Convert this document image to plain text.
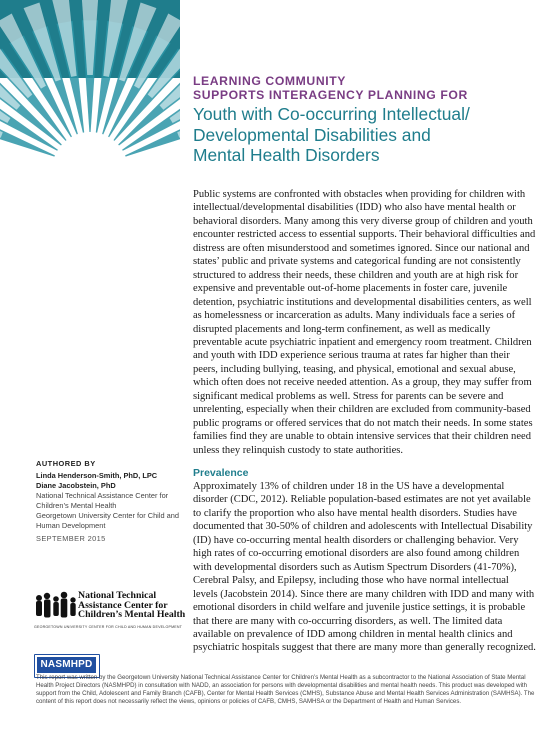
LEARNING COMMUNITY
SUPPORTS INTERAGENCY PLANNING FOR
Youth with Co-occurring Intellectual/
Developmental Disabilities and
Mental Health Disorders
Public systems are confronted with obstacles when providing for children with intellectual/developmental disabilities (IDD) who also have mental health or behavioral disorders. Many among this very diverse group of children and youth encounter restricted access to essential supports. Their behavioral difficulties and distress are often misunderstood and sometimes ignored. Since our national and states’ public and private systems and categorical funding are not consistently structured to address their needs, these children and youth are at high risk for expensive and preventable out-of-home placements in foster care, juvenile detention, psychiatric institutions and developmental disabilities centers, as well as homelessness or incarceration as adults. Many individuals face a series of disrupted placements and long-term confinement, as well as medically preventable acute psychiatric inpatient and emergency room treatment. Children and youth with IDD experience serious trauma at rates far higher than their peers, including bullying, teasing, and physical, emotional and sexual abuse, which often does not receive needed attention. As a group, they may suffer from significant medical problems as well. Stress for parents can be severe and unrelenting, especially when their children are excluded from community-based public programs or offered services that do not match their needs. In some states families find they are unable to obtain intensive services that their children need unless they relinquish custody to state authorities.
Prevalence
Approximately 13% of children under 18 in the US have a developmental disorder (CDC, 2012). Reliable population-based estimates are not yet available to clarify the proportion who also have mental health disorders. Studies have documented that 30-50% of children and adolescents with Intellectual Disability (ID) have co-occurring mental health disorders or challenging behavior. Very high rates of co-occurring emotional disorders are also found among children with developmental disorders such as Autism Spectrum Disorders (41-70%), Cerebral Palsy, and Epilepsy, including those who have normal intellectual levels (Jacobstein 2014). Since there are many children with IDD and many with emotional disorders in child welfare and juvenile justice settings, it is probable that there are many with co-occurring disorders, as well. The limited data available on prevalence of IDD among children in mental health clinics and psychiatric hospitals suggest that there are many more than generally recognized.
AUTHORED BY
Linda Henderson-Smith, PhD, LPC
Diane Jacobstein, PhD
National Technical Assistance Center for Children’s Mental Health
Georgetown University Center for Child and Human Development
SEPTEMBER 2015
National Technical
Assistance Center for
Children’s Mental Health
GEORGETOWN UNIVERSITY CENTER FOR CHILD AND HUMAN DEVELOPMENT
NASMHPD
This report was written by the Georgetown University National Technical Assistance Center for Children’s Mental Health as a subcontractor to the National Association of State Mental Health Project Directors (NASMHPD) in consultation with NADD, an association for persons with developmental disabilities and mental health needs. This product was developed with support from the Child, Adolescent and Family Branch (CAFB), Center for Mental Health Services (CMHS), Substance Abuse and Mental Health Services Administration (SAMHSA). The content of this report does not necessarily reflect the views, opinions or policies of CAFB, CMHS, SAMHSA or the Department of Health and Human Services.
